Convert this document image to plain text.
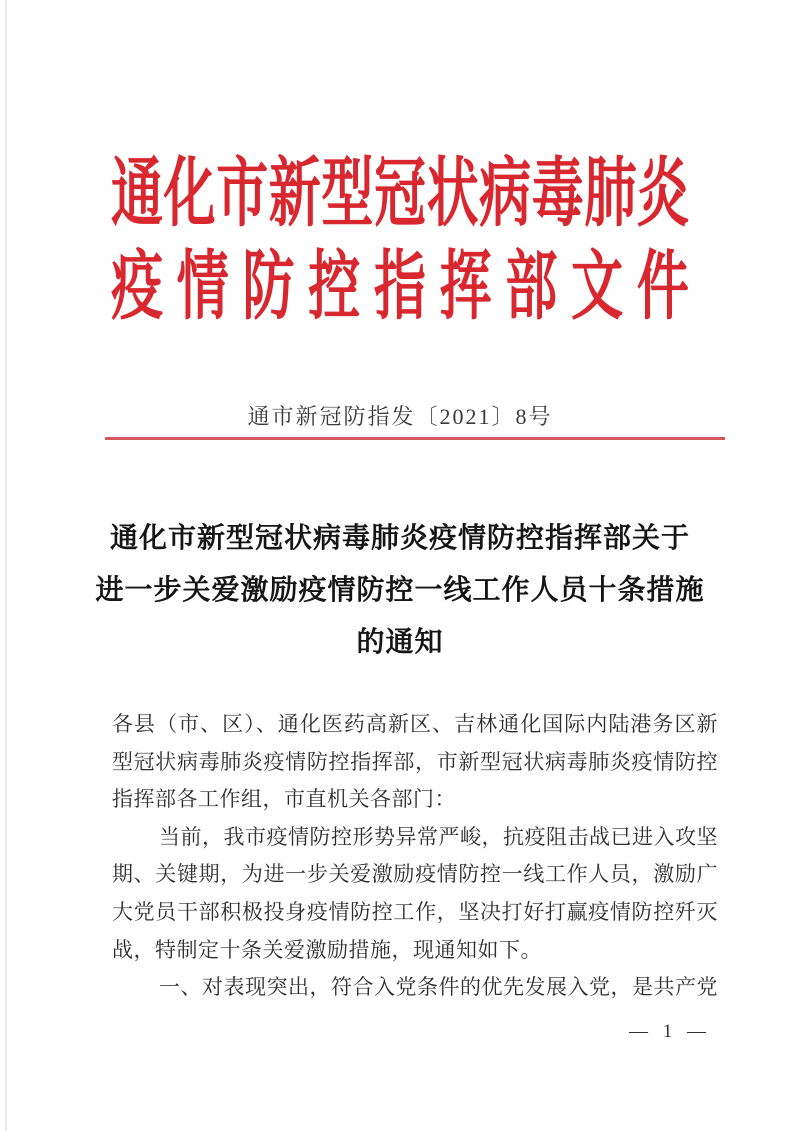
通 化 市 新 型 冠 状 病 毒 肺 炎
疫 情 防 控 指 挥 部 文 件
通市新冠防指发〔2021〕8号
通化市新型冠状病毒肺炎疫情防控指挥部关于
进一步关爱激励疫情防控一线工作人员十条措施
的通知
各县（市、区）、通化医药高新区、吉林通化国际内陆港务区新
型冠状病毒肺炎疫情防控指挥部，市新型冠状病毒肺炎疫情防控
指挥部各工作组，市直机关各部门：
当前，我市疫情防控形势异常严峻，抗疫阻击战已进入攻坚
期、关键期，为进一步关爱激励疫情防控一线工作人员，激励广
大党员干部积极投身疫情防控工作，坚决打好打赢疫情防控歼灭
战，特制定十条关爱激励措施，现通知如下。
一、对表现突出，符合入党条件的优先发展入党，是共产党
— 1 —
